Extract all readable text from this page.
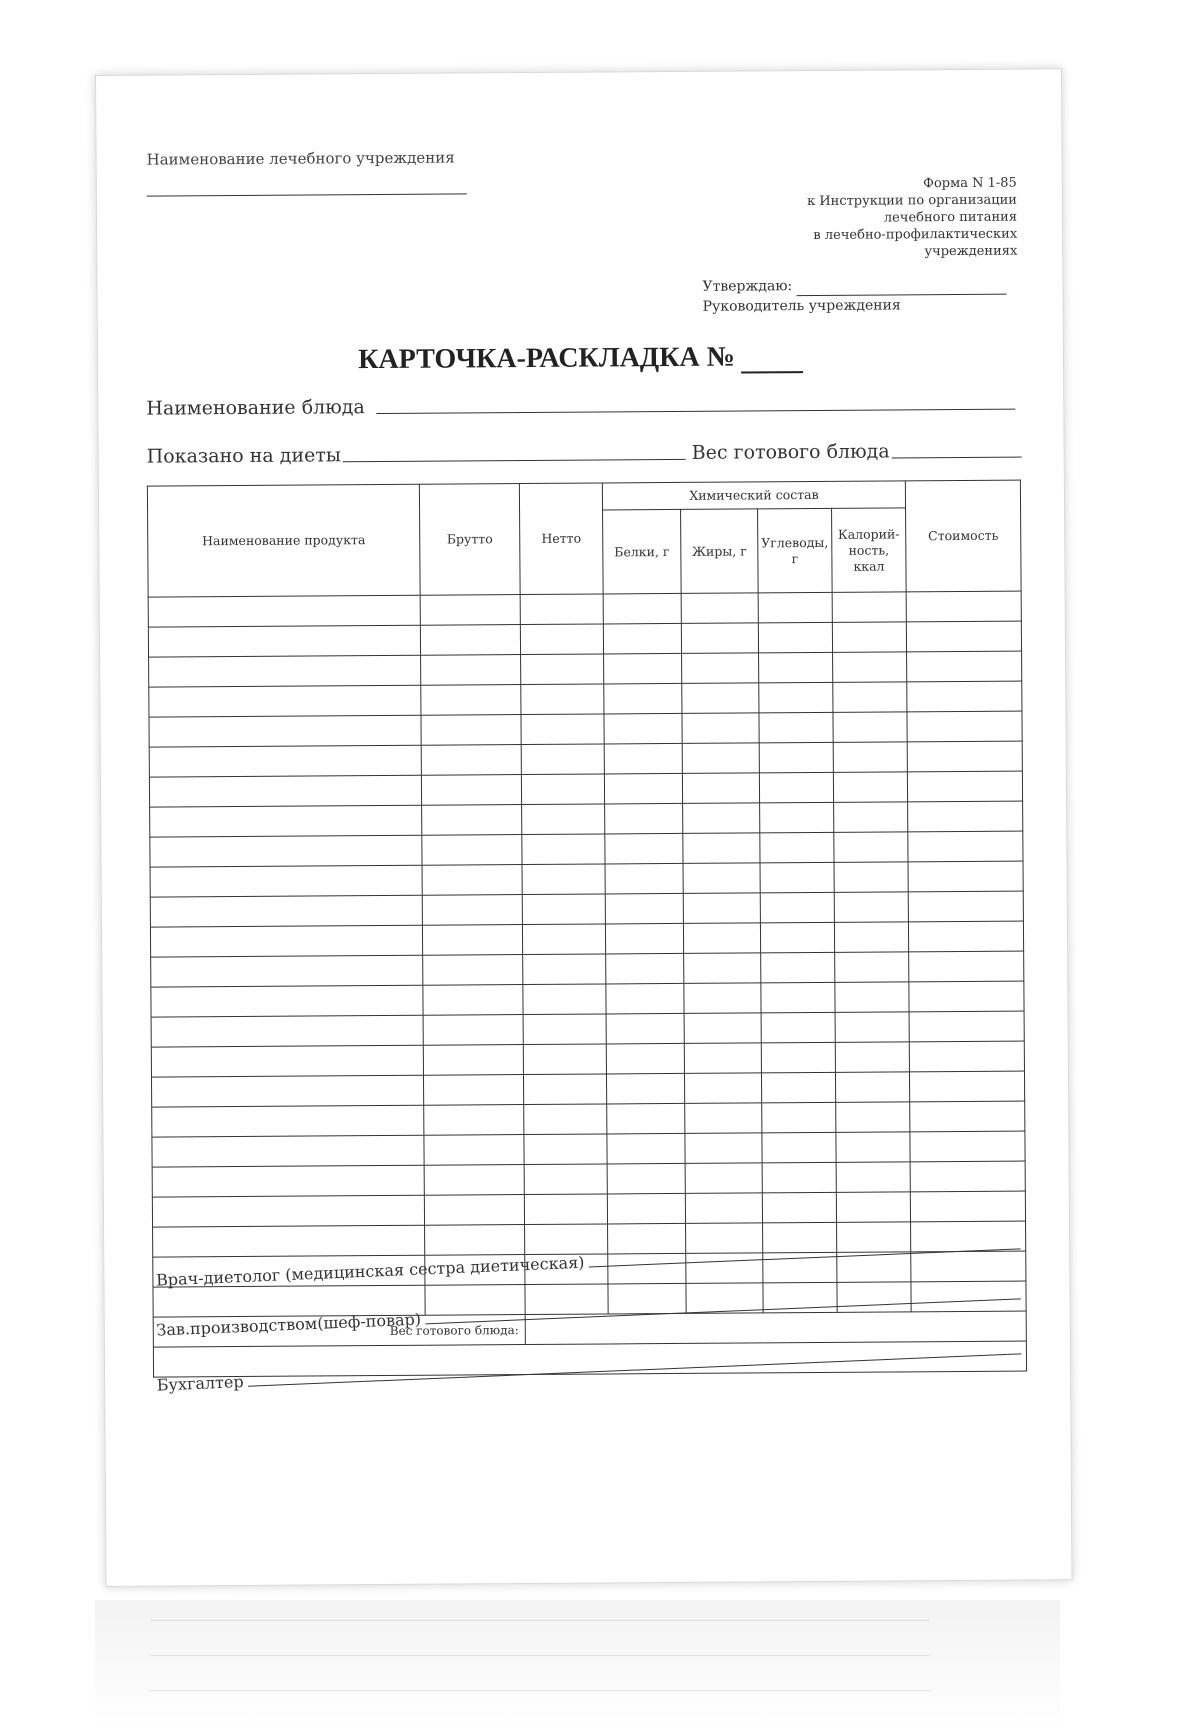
Наименование лечебного учреждения
Форма N 1-85
к Инструкции по организации
лечебного питания
в лечебно-профилактических
учреждениях
Утверждаю:
Руководитель учреждения
КАРТОЧКА-РАСКЛАДКА №
Наименование блюда
Показано на диеты	Вес готового блюда
Наименование продукта	Брутто	Нетто	Химический состав				Стоимость
			Белки, г	Жиры, г	Углеводы, г	Калорий-ность, ккал	

Вес готового блюда:							

Врач-диетолог (медицинская сестра диетическая)
Зав.производством(шеф-повар)
Бухгалтер
